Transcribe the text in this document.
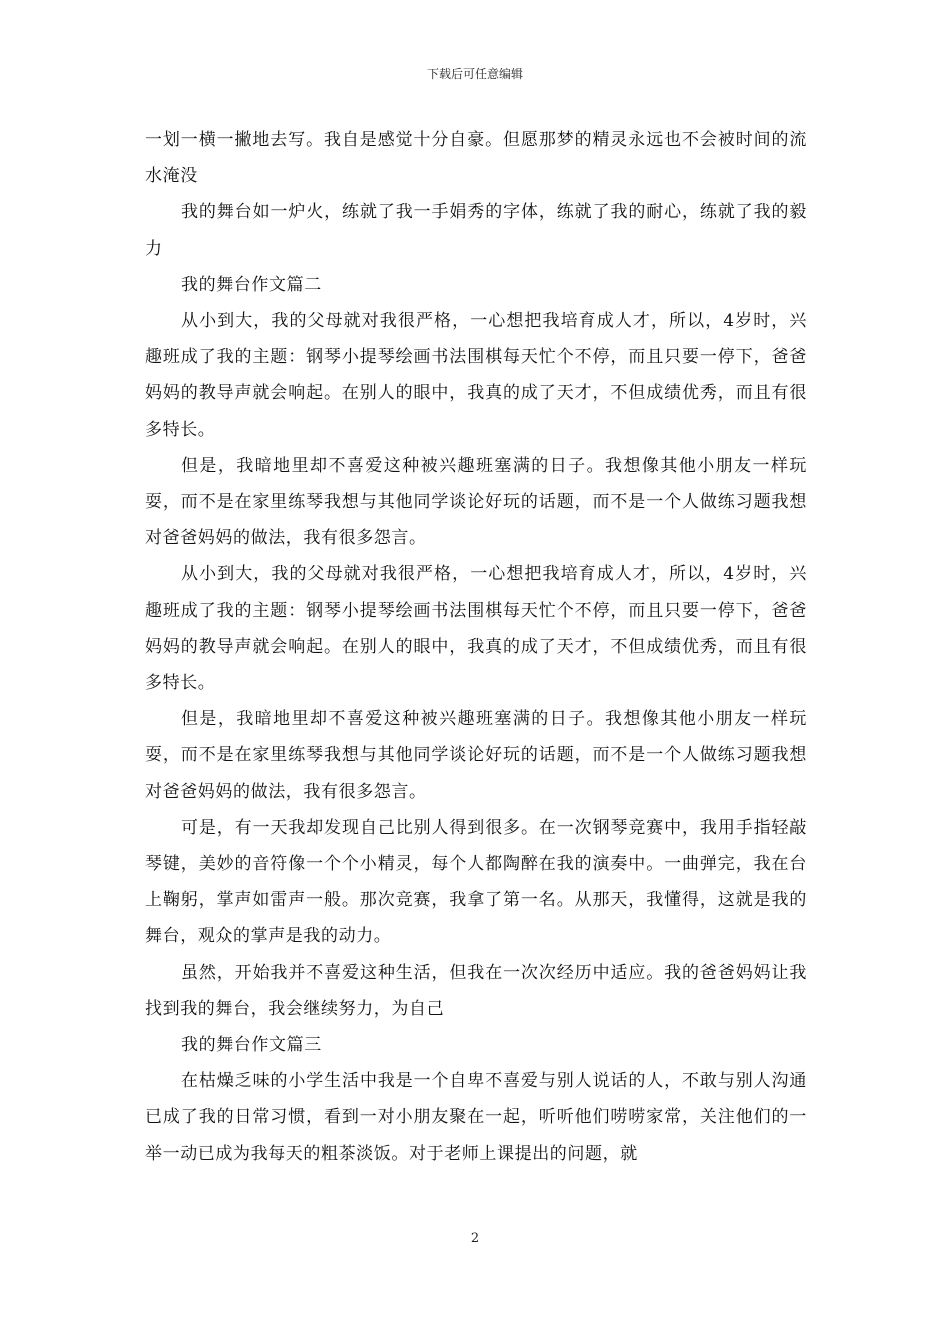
下载后可任意编辑

一划一横一撇地去写。我自是感觉十分自豪。但愿那梦的精灵永远也不会被时间的流水淹没

我的舞台如一炉火，练就了我一手娟秀的字体，练就了我的耐心，练就了我的毅力

我的舞台作文篇二

从小到大，我的父母就对我很严格，一心想把我培育成人才，所以，4岁时，兴趣班成了我的主题：钢琴小提琴绘画书法围棋每天忙个不停，而且只要一停下，爸爸妈妈的教导声就会响起。在别人的眼中，我真的成了天才，不但成绩优秀，而且有很多特长。

但是，我暗地里却不喜爱这种被兴趣班塞满的日子。我想像其他小朋友一样玩耍，而不是在家里练琴我想与其他同学谈论好玩的话题，而不是一个人做练习题我想对爸爸妈妈的做法，我有很多怨言。

从小到大，我的父母就对我很严格，一心想把我培育成人才，所以，4岁时，兴趣班成了我的主题：钢琴小提琴绘画书法围棋每天忙个不停，而且只要一停下，爸爸妈妈的教导声就会响起。在别人的眼中，我真的成了天才，不但成绩优秀，而且有很多特长。

但是，我暗地里却不喜爱这种被兴趣班塞满的日子。我想像其他小朋友一样玩耍，而不是在家里练琴我想与其他同学谈论好玩的话题，而不是一个人做练习题我想对爸爸妈妈的做法，我有很多怨言。

可是，有一天我却发现自己比别人得到很多。在一次钢琴竞赛中，我用手指轻敲琴键，美妙的音符像一个个小精灵，每个人都陶醉在我的演奏中。一曲弹完，我在台上鞠躬，掌声如雷声一般。那次竞赛，我拿了第一名。从那天，我懂得，这就是我的舞台，观众的掌声是我的动力。

虽然，开始我并不喜爱这种生活，但我在一次次经历中适应。我的爸爸妈妈让我找到我的舞台，我会继续努力，为自己

我的舞台作文篇三

在枯燥乏味的小学生活中我是一个自卑不喜爱与别人说话的人，不敢与别人沟通已成了我的日常习惯，看到一对小朋友聚在一起，听听他们唠唠家常，关注他们的一举一动已成为我每天的粗茶淡饭。对于老师上课提出的问题，就

2
